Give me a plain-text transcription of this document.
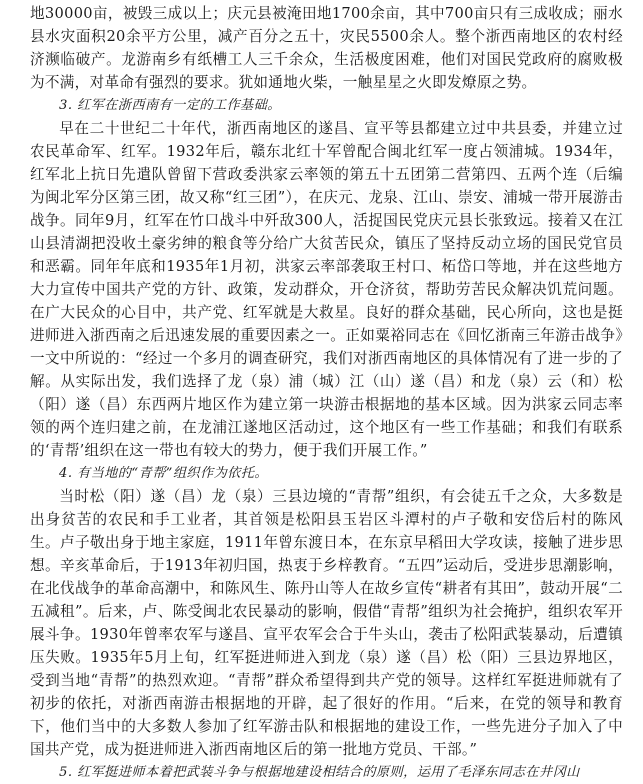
地30000亩，被毁三成以上；庆元县被淹田地1700余亩，其中700亩只有三成收成；丽水县水灾面积20余平方公里，减产百分之五十，灾民5500余人。整个浙西南地区的农村经济濒临破产。龙游南乡有纸槽工人三千余众，生活极度困难，他们对国民党政府的腐败极为不满，对革命有强烈的要求。犹如通地火柴，一触星星之火即发燎原之势。

3. 红军在浙西南有一定的工作基础。

早在二十世纪二十年代，浙西南地区的遂昌、宣平等县都建立过中共县委，并建立过农民革命军、红军。1932年后，赣东北红十军曾配合闽北红军一度占领浦城。1934年，红军北上抗日先遣队曾留下营政委洪家云率领的第五十五团第二营第四、五两个连（后编为闽北军分区第三团，故又称“红三团”），在庆元、龙泉、江山、崇安、浦城一带开展游击战争。同年9月，红军在竹口战斗中歼敌300人，活捉国民党庆元县长张致远。接着又在江山县清湖把没收土豪劣绅的粮食等分给广大贫苦民众，镇压了坚持反动立场的国民党官员和恶霸。同年年底和1935年1月初，洪家云率部袭取王村口、柘岱口等地，并在这些地方大力宣传中国共产党的方针、政策，发动群众，开仓济贫，帮助劳苦民众解决饥荒问题。在广大民众的心目中，共产党、红军就是大救星。良好的群众基础，民心所向，这也是挺进师进入浙西南之后迅速发展的重要因素之一。正如粟裕同志在《回忆浙南三年游击战争》一文中所说的：“经过一个多月的调查研究，我们对浙西南地区的具体情况有了进一步的了解。从实际出发，我们选择了龙（泉）浦（城）江（山）遂（昌）和龙（泉）云（和）松（阳）遂（昌）东西两片地区作为建立第一块游击根据地的基本区域。因为洪家云同志率领的两个连归建之前，在龙浦江遂地区活动过，这个地区有一些工作基础；和我们有联系的‘青帮’组织在这一带也有较大的势力，便于我们开展工作。”

4. 有当地的“青帮”组织作为依托。

当时松（阳）遂（昌）龙（泉）三县边境的“青帮”组织，有会徒五千之众，大多数是出身贫苦的农民和手工业者，其首领是松阳县玉岩区斗潭村的卢子敬和安岱后村的陈风生。卢子敬出身于地主家庭，1911年曾东渡日本，在东京早稻田大学攻读，接触了进步思想。辛亥革命后，于1913年初归国，热衷于乡梓教育。“五四”运动后，受进步思潮影响，在北伐战争的革命高潮中，和陈风生、陈丹山等人在故乡宣传“耕者有其田”，鼓动开展“二五减租”。后来，卢、陈受闽北农民暴动的影响，假借“青帮”组织为社会掩护，组织农军开展斗争。1930年曾率农军与遂昌、宣平农军会合于牛头山，袭击了松阳武装暴动，后遭镇压失败。1935年5月上旬，红军挺进师进入到龙（泉）遂（昌）松（阳）三县边界地区，受到当地“青帮”的热烈欢迎。“青帮”群众希望得到共产党的领导。这样红军挺进师就有了初步的依托，对浙西南游击根据地的开辟，起了很好的作用。“后来，在党的领导和教育下，他们当中的大多数人参加了红军游击队和根据地的建设工作，一些先进分子加入了中国共产党，成为挺进师进入浙西南地区后的第一批地方党员、干部。”

5. 红军挺进师本着把武装斗争与根据地建设相结合的原则，运用了毛泽东同志在井冈山
